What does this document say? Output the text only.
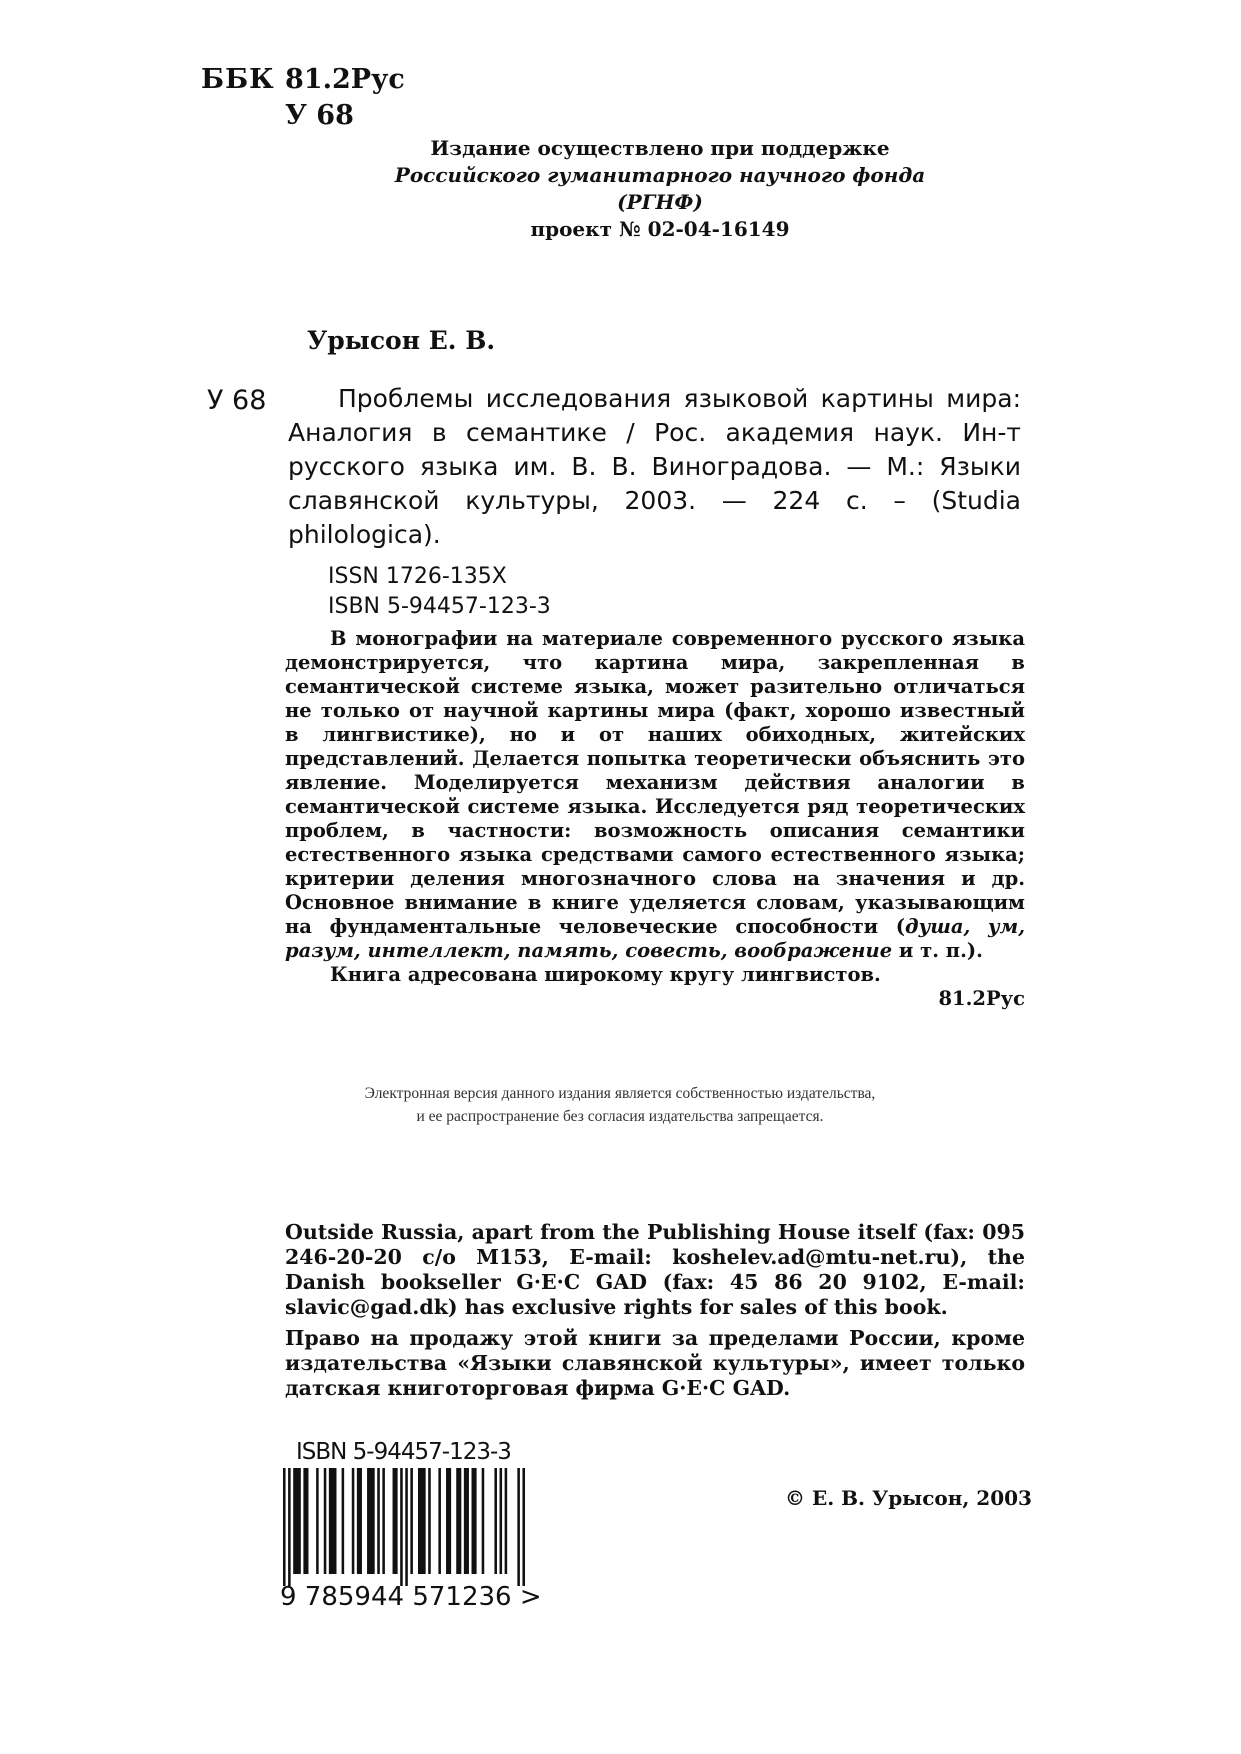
ББК 81.2Рус
У 68
Издание осуществлено при поддержке
Российского гуманитарного научного фонда
(РГНФ)
проект № 02-04-16149
Урысон Е. В.
У 68	Проблемы исследования языковой картины мира: Аналогия в семантике / Рос. академия наук. Ин-т русского языка им. В. В. Виноградова. — М.: Языки славянской культуры, 2003. — 224 с. – (Studia philologica).
ISSN 1726-135X
ISBN 5-94457-123-3

В монографии на материале современного русского языка демонстрируется, что картина мира, закрепленная в семантической системе языка, может разительно отличаться не только от научной картины мира (факт, хорошо известный в лингвистике), но и от наших обиходных, житейских представлений. Делается попытка теоретически объяснить это явление. Моделируется механизм действия аналогии в семантической системе языка. Исследуется ряд теоретических проблем, в частности: возможность описания семантики естественного языка средствами самого естественного языка; критерии деления многозначного слова на значения и др. Основное внимание в книге уделяется словам, указывающим на фундаментальные человеческие способности (душа, ум, разум, интеллект, память, совесть, воображение и т. п.).

Книга адресована широкому кругу лингвистов.

81.2Рус

Электронная версия данного издания является собственностью издательства,
и ее распространение без согласия издательства запрещается.

Outside Russia, apart from the Publishing House itself (fax: 095 246-20-20 c/o M153, E-mail: koshelev.ad@mtu-net.ru), the Danish bookseller G·E·C GAD (fax: 45 86 20 9102, E-mail: slavic@gad.dk) has exclusive rights for sales of this book.

Право на продажу этой книги за пределами России, кроме издательства «Языки славянской культуры», имеет только датская книготорговая фирма G·E·C GAD.

ISBN 5-94457-123-3
9 785944 571236 >
© Е. В. Урысон, 2003
